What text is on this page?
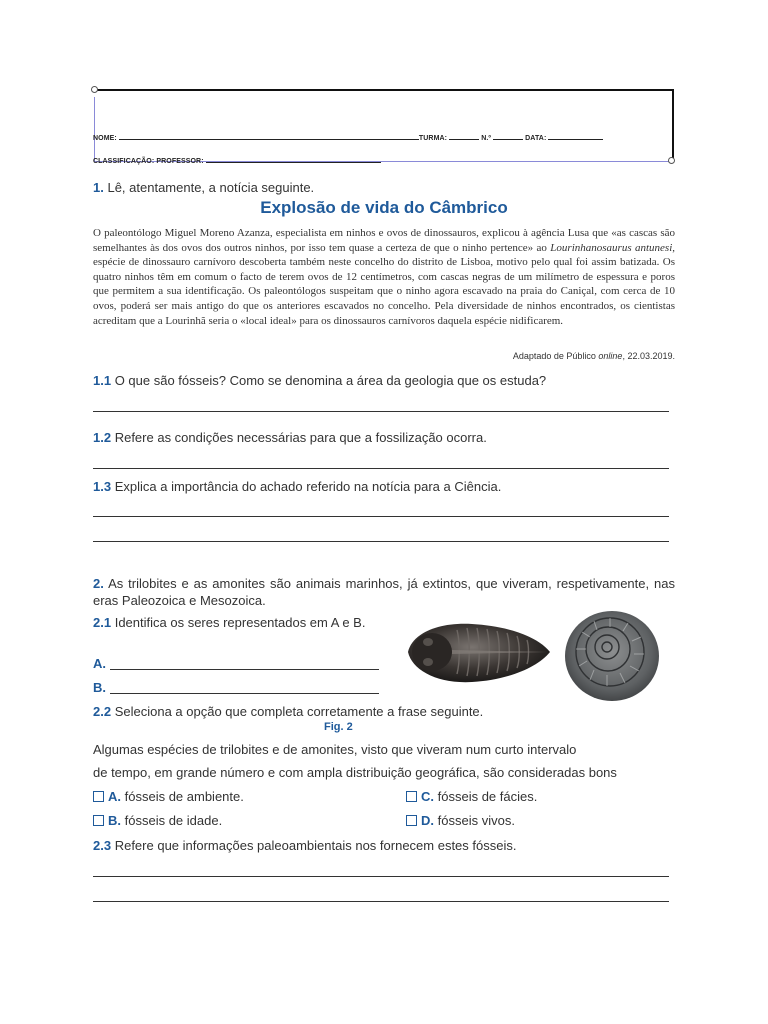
NOME:	TURMA:	N.º	DATA:
CLASSIFICAÇÃO: PROFESSOR:
1. Lê, atentamente, a notícia seguinte.
Explosão de vida do Câmbrico
O paleontólogo Miguel Moreno Azanza, especialista em ninhos e ovos de dinossauros, explicou à agência Lusa que «as cascas são semelhantes às dos ovos dos outros ninhos, por isso tem quase a certeza de que o ninho pertence» ao Lourinhanosaurus antunesi, espécie de dinossauro carnívoro descoberta também neste concelho do distrito de Lisboa, motivo pelo qual foi assim batizada. Os quatro ninhos têm em comum o facto de terem ovos de 12 centímetros, com cascas negras de um milímetro de espessura e poros que permitem a sua identificação. Os paleontólogos suspeitam que o ninho agora escavado na praia do Caniçal, com cerca de 10 ovos, poderá ser mais antigo do que os anteriores escavados no concelho. Pela diversidade de ninhos encontrados, os cientistas acreditam que a Lourinhã seria o «local ideal» para os dinossauros carnívoros daquela espécie nidificarem.
Adaptado de Público online, 22.03.2019.
1.1 O que são fósseis? Como se denomina a área da geologia que os estuda?
1.2 Refere as condições necessárias para que a fossilização ocorra.
1.3 Explica a importância do achado referido na notícia para a Ciência.
2. As trilobites e as amonites são animais marinhos, já extintos, que viveram, respetivamente, nas eras Paleozoica e Mesozoica.
2.1 Identifica os seres representados em A e B.
A.
B.
2.2 Seleciona a opção que completa corretamente a frase seguinte.
Fig. 2
Algumas espécies de trilobites e de amonites, visto que viveram num curto intervalo
de tempo, em grande número e com ampla distribuição geográfica, são consideradas bons
A. fósseis de ambiente.	C. fósseis de fácies.
B. fósseis de idade.	D. fósseis vivos.
2.3 Refere que informações paleoambientais nos fornecem estes fósseis.
